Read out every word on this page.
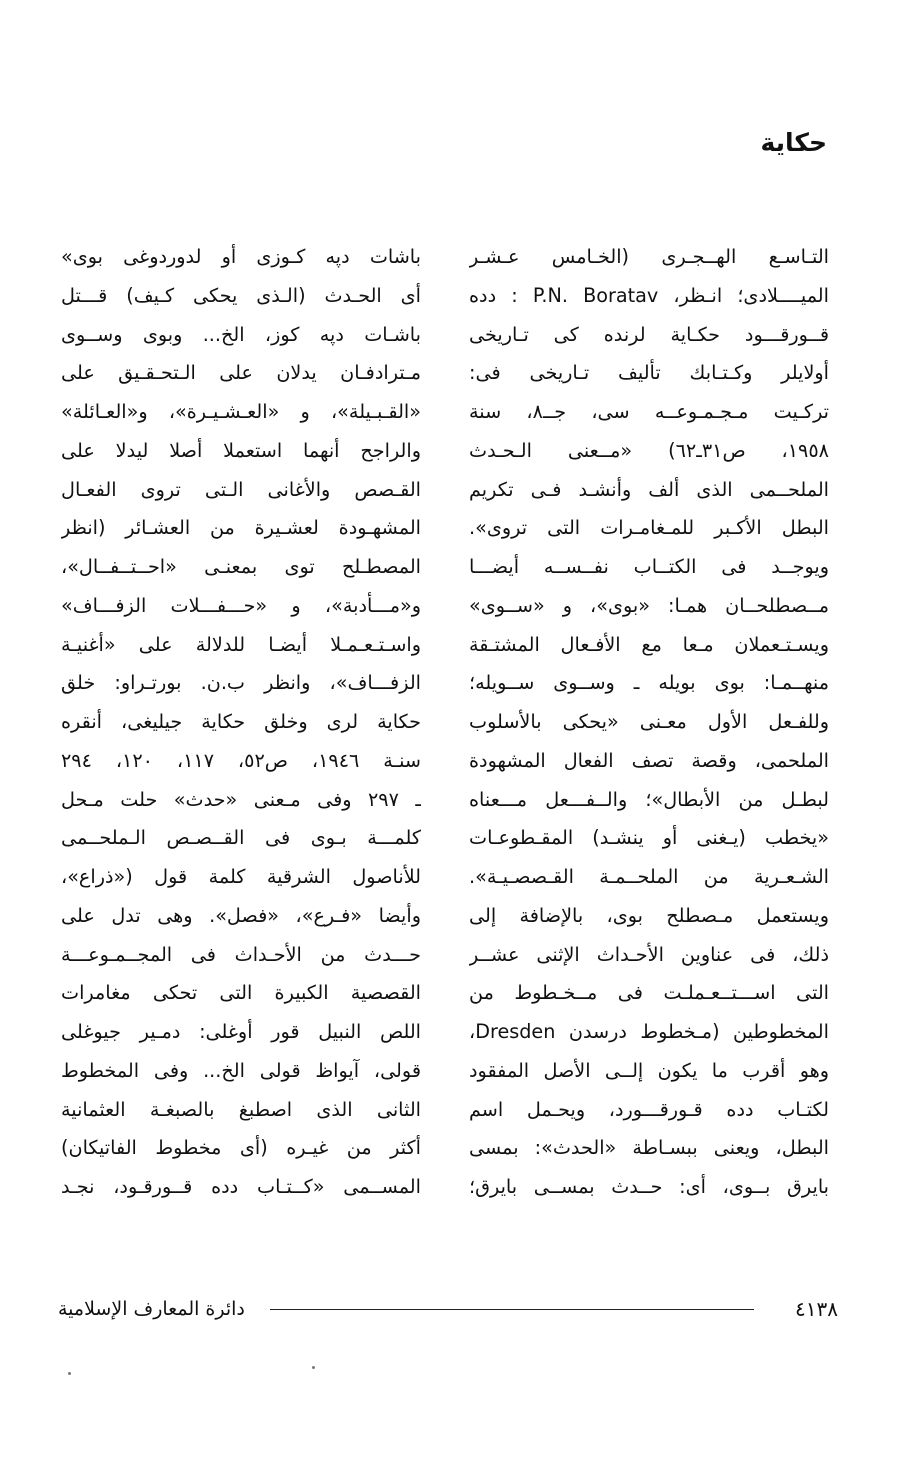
حكاية
التـاسـع الهــجـرى (الخـامس عـشـر
الميــــلادى؛ انـظر، P.N. Boratav : دده
قــورقـــود حكـاية لرنده كى تـاريخى
أولايلر وكـتـابك تأليف تـاريخى فى:
تركـيت مـجـمـوعــه سى، جــ٨، سنة
١٩٥٨، ص٣١ـ٦٢) «مــعنى الـحـدث
الملحــمى الذى ألف وأنشـد فـى تكريم
البطل الأكـبر للمـغامـرات التى تروى».
ويوجــد فى الكتــاب نفــســه أيضـــا
مــصطلحــان همـا: «بوى»، و «ســوى»
ويسـتـعملان مـعا مع الأفـعال المشتـقة
منهــمـا: بوى بويله ـ وســوى ســويله؛
وللفـعل الأول معـنى «يحكى بالأسلوب
الملحمى، وقصة تصف الفعال المشهودة
لبطـل من الأبطال»؛ والــفـــعل مـــعناه
«يخطب (يـغنى أو ينشـد) المقـطوعـات
الشـعـرية من الملحــمـة القـصصـيـة».
ويستعمل مـصطلح بوى، بالإضافة إلى
ذلك، فى عناوين الأحـداث الإثنى عشــر
التى اســـتــعـملـت فى مــخـطوط من
المخطوطين (مـخطوط درسدن Dresden،
وهو أقرب ما يكون إلــى الأصل المفقود
لكتـاب دده قـورقـــورد، ويحـمل اسم
البطل، ويعنى ببسـاطة «الحدث»: بمسى
بايرق بــوى، أى: حــدث بمســى بايرق؛
باشات دپه كـوزى أو لدوردوغى بوى»
أى الحـدث (الـذى يحكى كـيف) قـــتل
باشـات دپه كوز، الخ... وبوى وســوى
مـترادفـان يدلان على الـتحـقـيق على
«القـبـيلة»، و «العـشـيـرة»، و«العـائلة»
والراجح أنهما استعملا أصلا ليدلا على
القـصص والأغانى الـتى تروى الفعـال
المشهـودة لعشـيرة من العشـائر (انظر
المصطـلح توى بمعنـى «احــتــفــال»،
و«مـــأدبة»، و «حـــفـــلات الزفـــاف»
واسـتـعـمـلا أيضـا للدلالة على «أغنيـة
الزفـــاف»، وانظر ب.ن. بورتـراو: خلق
حكاية لرى وخلق حكاية جيليغى، أنقره
سنـة ١٩٤٦، ص٥٢، ١١٧، ١٢٠، ٢٩٤
ـ ٢٩٧ وفى مـعنى «حدث» حلت مـحل
كلمـــة بـوى فى القــصـص الـملحــمى
للأناصول الشرقية كلمة قول («ذراع»،
وأيضا «فـرع»، «فصل». وهى تدل على
حـــدث من الأحـداث فى المجــمـوعـــة
القصصية الكبيرة التى تحكى مغامرات
اللص النبيل قور أوغلى: دمـير جيوغلى
قولى، آيواظ قولى الخ... وفى المخطوط
الثانى الذى اصطبغ بالصبغـة العثمانية
أكثر من غيـره (أى مخطوط الفاتيكان)
المســمى «كــتـاب دده قــورقـود، نجـد
دائرة المعارف الإسلامية	٤١٣٨
